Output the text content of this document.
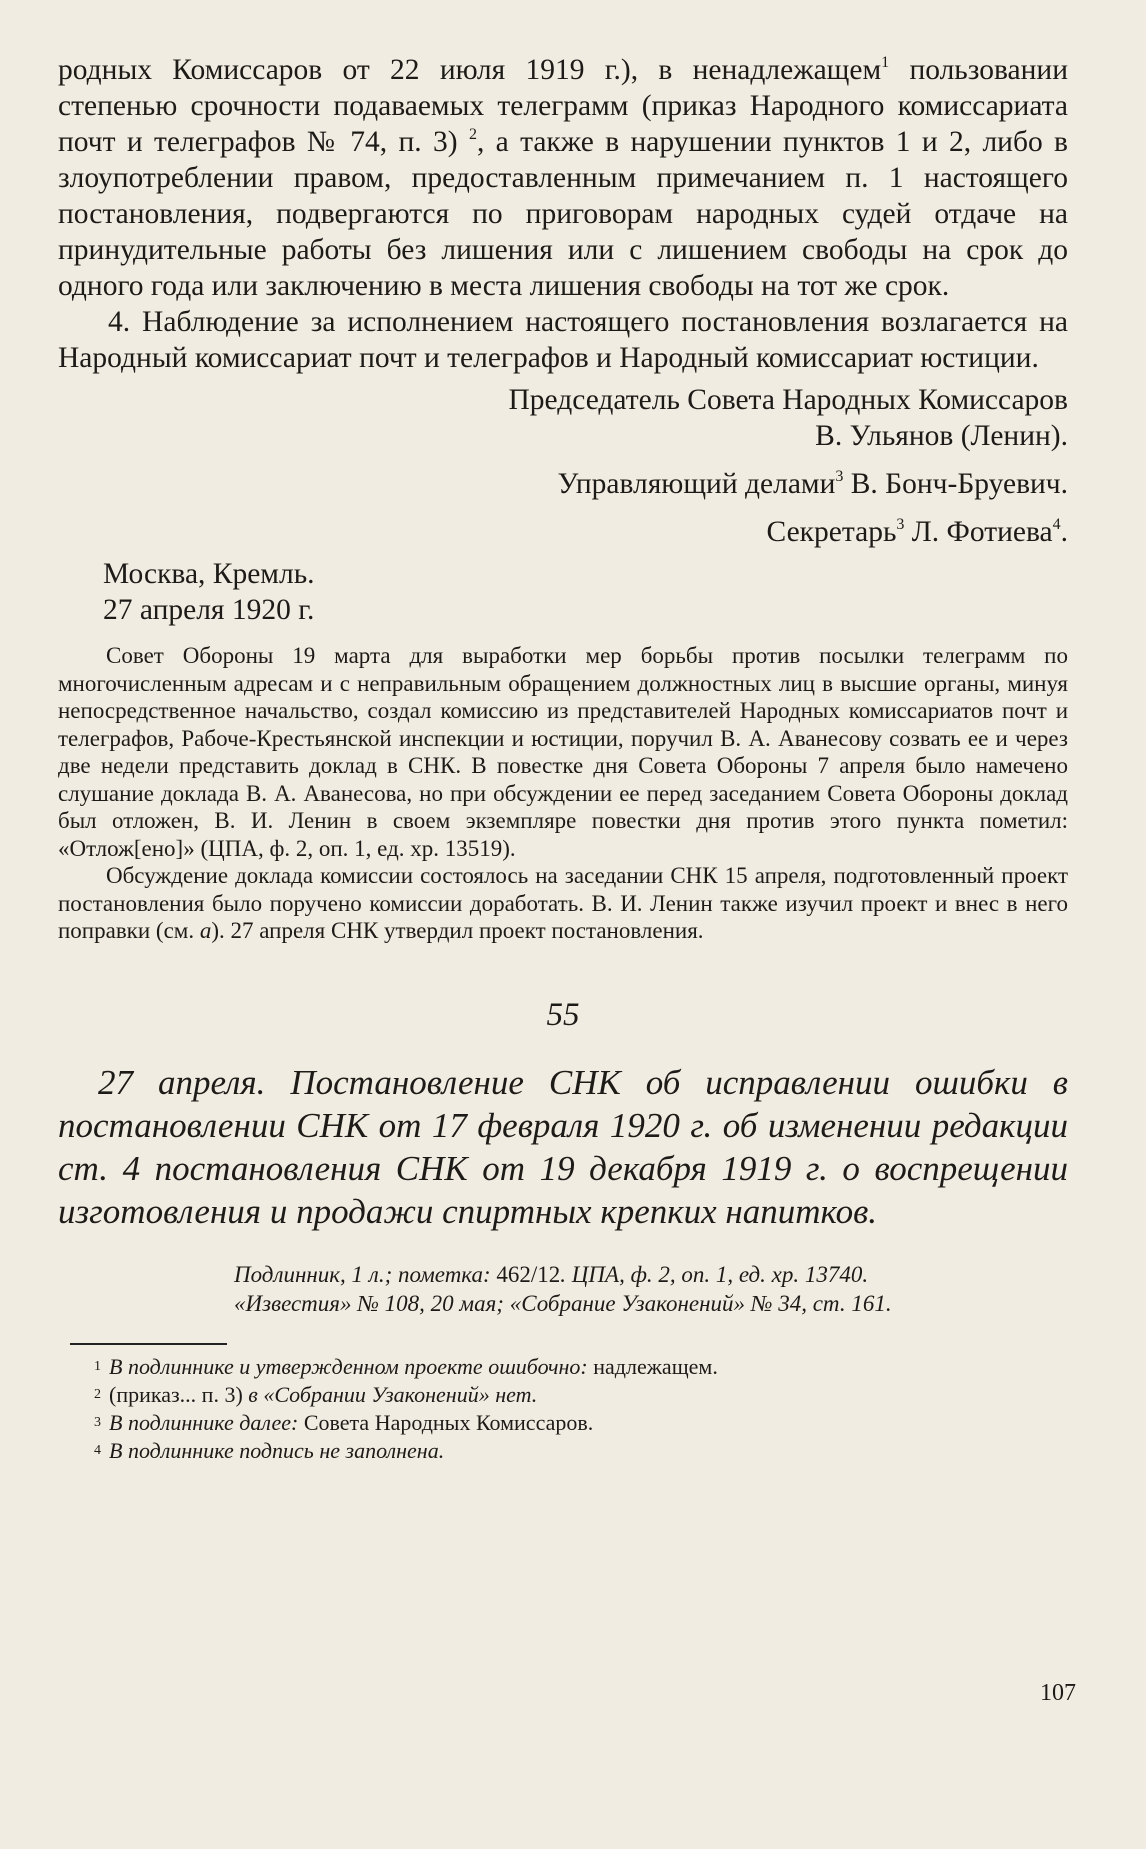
родных Комиссаров от 22 июля 1919 г.), в ненадлежащем$^1$ пользовании степенью срочности подаваемых телеграмм (приказ Народного комиссариата почт и телеграфов № 74, п. 3) $^2$, а также в нарушении пунктов 1 и 2, либо в злоупотреблении правом, предоставленным примечанием п. 1 настоящего постановления, подвергаются по приговорам народных судей отдаче на принудительные работы без лишения или с лишением свободы на срок до одного года или заключению в места лишения свободы на тот же срок.

4. Наблюдение за исполнением настоящего постановления возлагается на Народный комиссариат почт и телеграфов и Народный комиссариат юстиции.

Председатель Совета Народных Комиссаров

В. Ульянов (Ленин).

Управляющий делами$^3$ В. Бонч-Бруевич.

Секретарь$^3$ Л. Фотиева$^4$.

Москва, Кремль.
27 апреля 1920 г.

Совет Обороны 19 марта для выработки мер борьбы против посылки телеграмм по многочисленным адресам и с неправильным обращением должностных лиц в высшие органы, минуя непосредственное начальство, создал комиссию из представителей Народных комиссариатов почт и телеграфов, Рабоче-Крестьянской инспекции и юстиции, поручил В. А. Аванесову созвать ее и через две недели представить доклад в СНК. В повестке дня Совета Обороны 7 апреля было намечено слушание доклада В. А. Аванесова, но при обсуждении ее перед заседанием Совета Обороны доклад был отложен, В. И. Ленин в своем экземпляре повестки дня против этого пункта пометил: «Отлож[ено]» (ЦПА, ф. 2, оп. 1, ед. хр. 13519).

Обсуждение доклада комиссии состоялось на заседании СНК 15 апреля, подготовленный проект постановления было поручено комиссии доработать. В. И. Ленин также изучил проект и внес в него поправки (см. а). 27 апреля СНК утвердил проект постановления.

55

27 апреля. Постановление СНК об исправлении ошибки в постановлении СНК от 17 февраля 1920 г. об изменении редакции ст. 4 постановления СНК от 19 декабря 1919 г. о воспрещении изготовления и продажи спиртных крепких напитков.

Подлинник, 1 л.; пометка: 462/12. ЦПА, ф. 2, оп. 1, ед. хр. 13740.

«Известия» № 108, 20 мая; «Собрание Узаконений» № 34, ст. 161.

$^1$ В подлиннике и утвержденном проекте ошибочно: надлежащем.

$^2$ (приказ... п. 3) в «Собрании Узаконений» нет.

$^3$ В подлиннике далее: Совета Народных Комиссаров.

$^4$ В подлиннике подпись не заполнена.

107
